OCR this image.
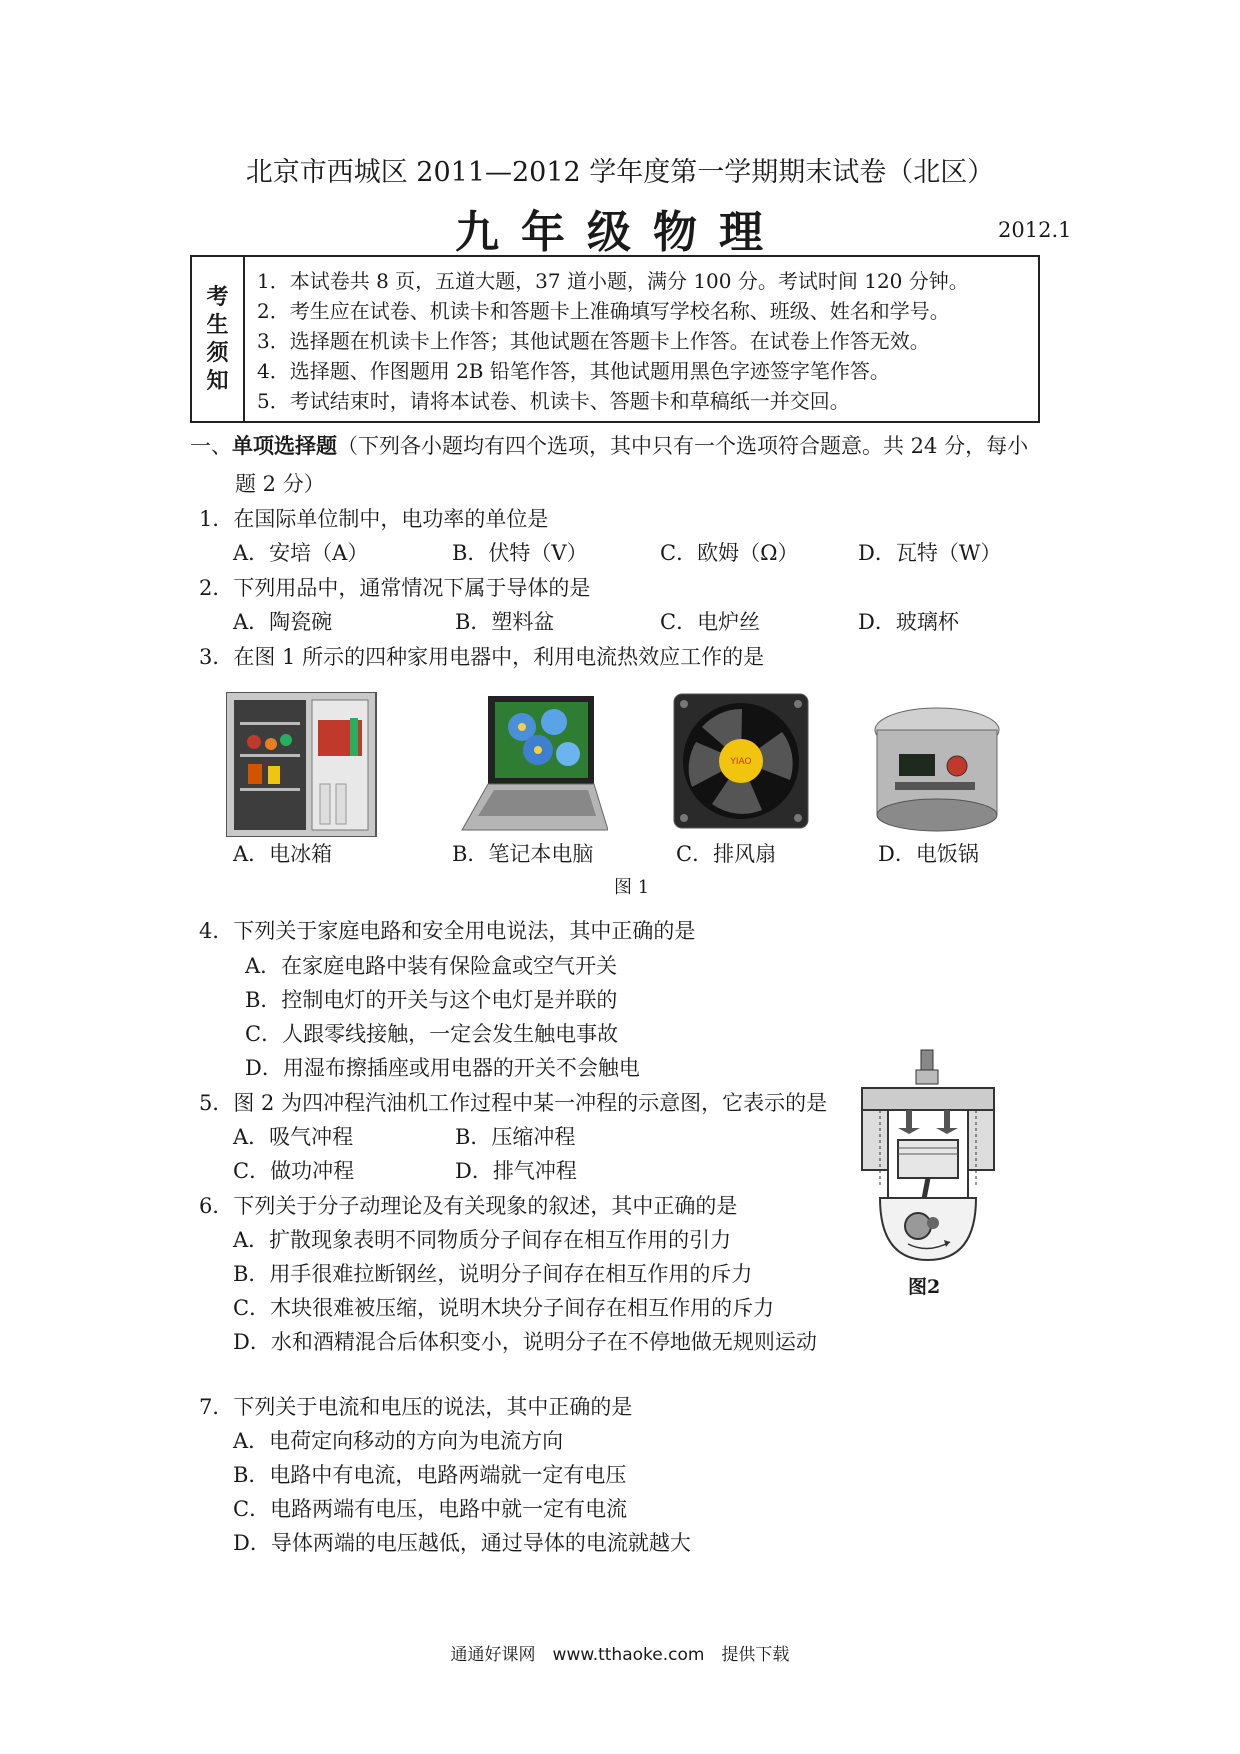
北京市西城区 2011—2012 学年度第一学期期末试卷（北区）
九年级物理	2012.1
考
生
须
知
1．本试卷共 8 页，五道大题，37 道小题，满分 100 分。考试时间 120 分钟。
2．考生应在试卷、机读卡和答题卡上准确填写学校名称、班级、姓名和学号。
3．选择题在机读卡上作答；其他试题在答题卡上作答。在试卷上作答无效。
4．选择题、作图题用 2B 铅笔作答，其他试题用黑色字迹签字笔作答。
5．考试结束时，请将本试卷、机读卡、答题卡和草稿纸一并交回。
一、单项选择题（下列各小题均有四个选项，其中只有一个选项符合题意。共 24 分，每小
题 2 分）
1．在国际单位制中，电功率的单位是
A．安培（A）	B．伏特（V）	C．欧姆（Ω）	D．瓦特（W）
2．下列用品中，通常情况下属于导体的是
A．陶瓷碗	B．塑料盆	C．电炉丝	D．玻璃杯
3．在图 1 所示的四种家用电器中，利用电流热效应工作的是
YIAO
A．电冰箱	B．笔记本电脑	C．排风扇	D．电饭锅
图 1
4．下列关于家庭电路和安全用电说法，其中正确的是
A．在家庭电路中装有保险盒或空气开关
B．控制电灯的开关与这个电灯是并联的
C．人跟零线接触，一定会发生触电事故
D．用湿布擦插座或用电器的开关不会触电
5．图 2 为四冲程汽油机工作过程中某一冲程的示意图，它表示的是
A．吸气冲程	B．压缩冲程
C．做功冲程	D．排气冲程
图2
6．下列关于分子动理论及有关现象的叙述，其中正确的是
A．扩散现象表明不同物质分子间存在相互作用的引力
B．用手很难拉断钢丝，说明分子间存在相互作用的斥力
C．木块很难被压缩，说明木块分子间存在相互作用的斥力
D．水和酒精混合后体积变小，说明分子在不停地做无规则运动
7．下列关于电流和电压的说法，其中正确的是
A．电荷定向移动的方向为电流方向
B．电路中有电流，电路两端就一定有电压
C．电路两端有电压，电路中就一定有电流
D．导体两端的电压越低，通过导体的电流就越大
通通好课网　www.tthaoke.com　提供下载
